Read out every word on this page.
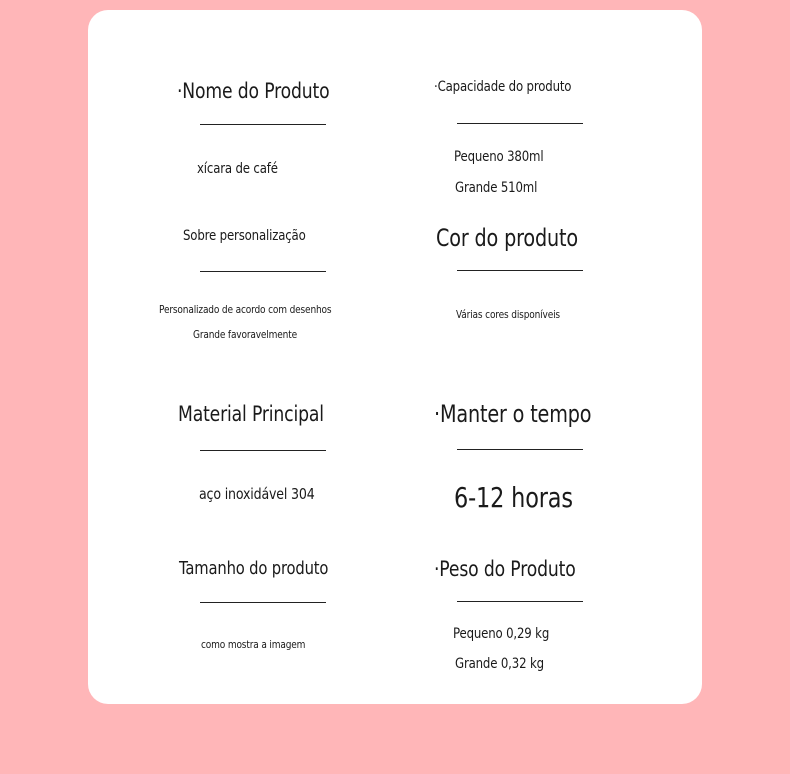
·Nome do Produto
xícara de café
·Capacidade do produto
Pequeno 380ml
Grande 510ml
Sobre personalização
Personalizado de acordo com desenhos
Grande favoravelmente
Cor do produto
Várias cores disponíveis
Material Principal
aço inoxidável 304
·Manter o tempo
6-12 horas
Tamanho do produto
como mostra a imagem
·Peso do Produto
Pequeno 0,29 kg
Grande 0,32 kg
